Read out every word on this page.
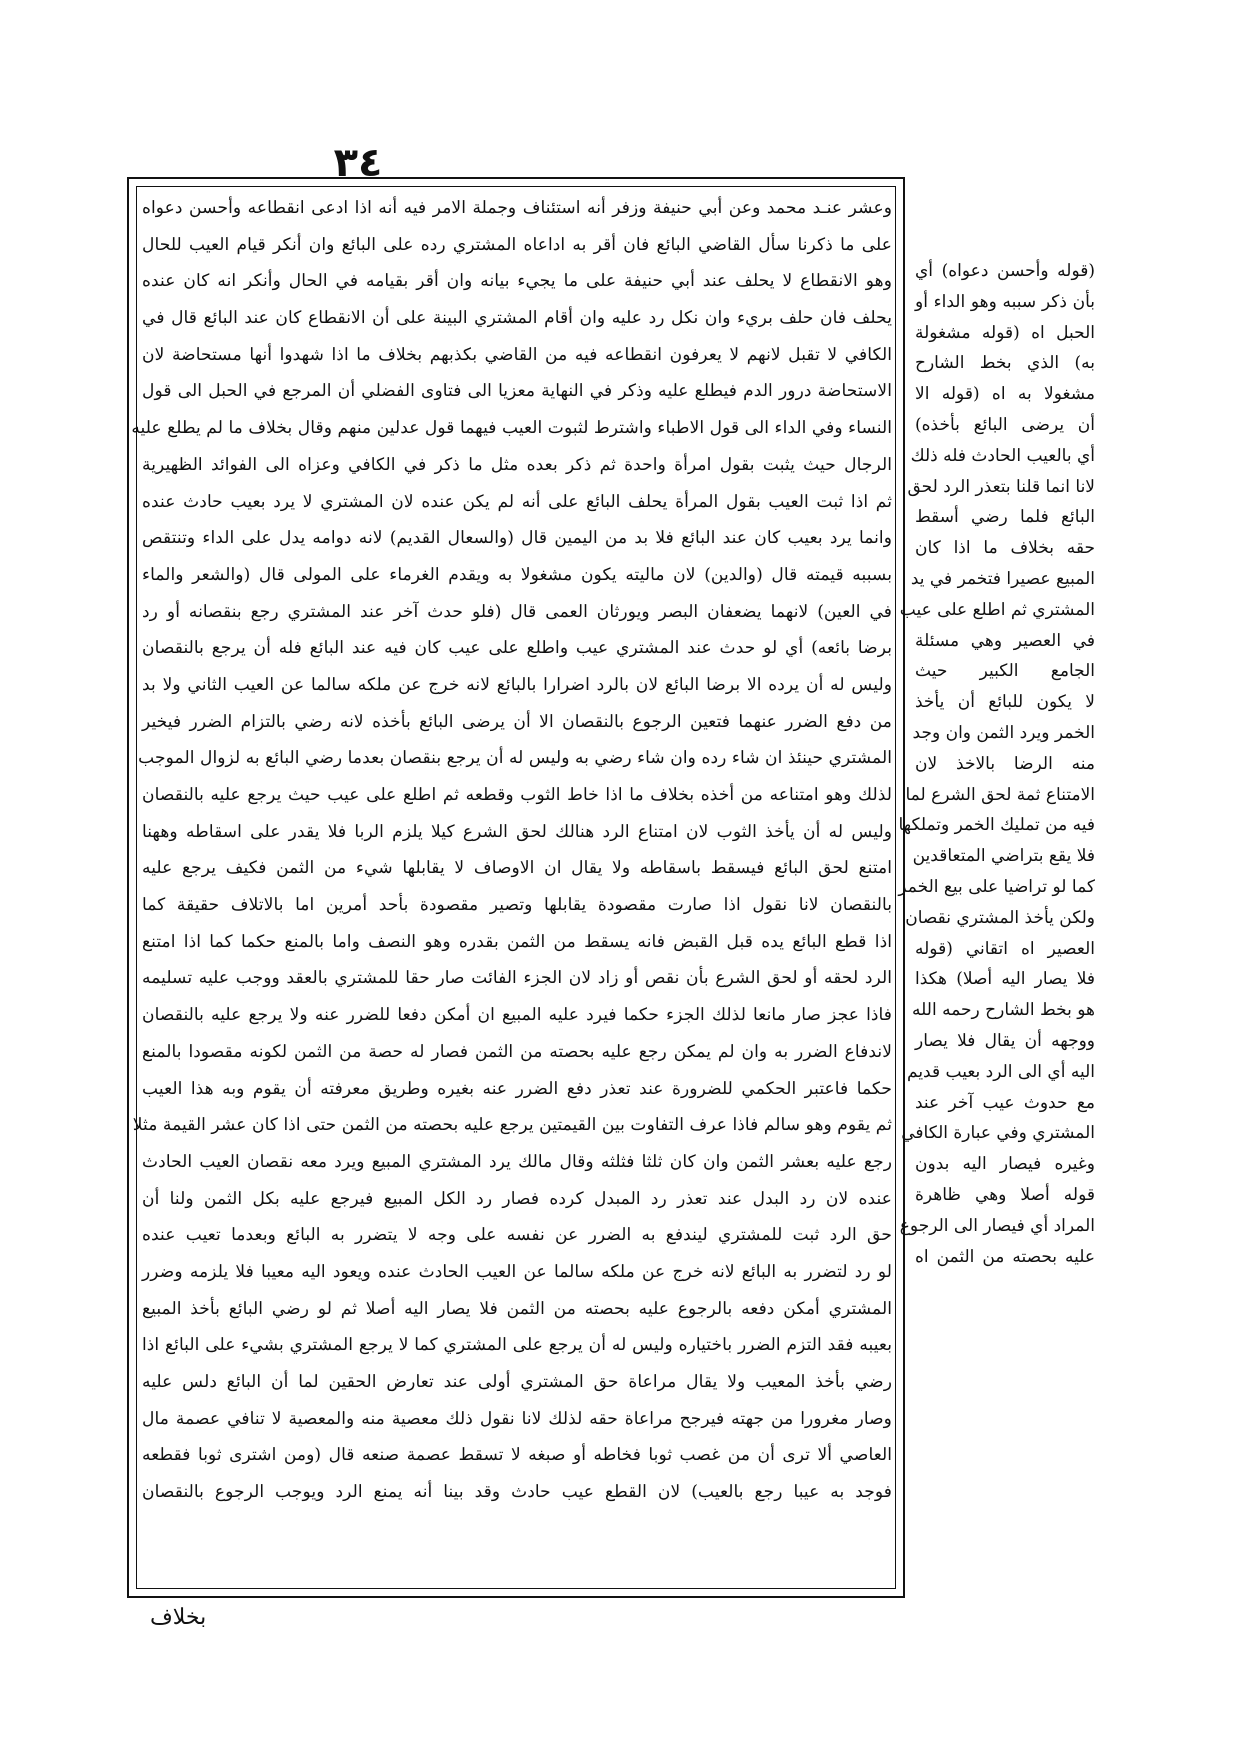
٣٤
وعشر عنـد محمد وعن أبي حنيفة وزفر أنه استئناف وجملة الامر فيه أنه اذا ادعى انقطاعه وأحسن دعواه
على ما ذكرنا سأل القاضي البائع فان أقر به اداعاه المشتري رده على البائع وان أنكر قيام العيب للحال
وهو الانقطاع لا يحلف عند أبي حنيفة على ما يجيء بيانه وان أقر بقيامه في الحال وأنكر انه كان عنده
يحلف فان حلف بريء وان نكل رد عليه وان أقام المشتري البينة على أن الانقطاع كان عند البائع قال في
الكافي لا تقبل لانهم لا يعرفون انقطاعه فيه من القاضي بكذبهم بخلاف ما اذا شهدوا أنها مستحاضة لان
الاستحاضة درور الدم فيطلع عليه وذكر في النهاية معزيا الى فتاوى الفضلي أن المرجع في الحبل الى قول
النساء وفي الداء الى قول الاطباء واشترط لثبوت العيب فيهما قول عدلين منهم وقال بخلاف ما لم يطلع عليه
الرجال حيث يثبت بقول امرأة واحدة ثم ذكر بعده مثل ما ذكر في الكافي وعزاه الى الفوائد الظهيرية
ثم اذا ثبت العيب بقول المرأة يحلف البائع على أنه لم يكن عنده لان المشتري لا يرد بعيب حادث عنده
وانما يرد بعيب كان عند البائع فلا بد من اليمين قال (والسعال القديم) لانه دوامه يدل على الداء وتنتقص
بسببه قيمته قال (والدين) لان ماليته يكون مشغولا به ويقدم الغرماء على المولى قال (والشعر والماء
في العين) لانهما يضعفان البصر ويورثان العمى قال (فلو حدث آخر عند المشتري رجع بنقصانه أو رد
برضا بائعه) أي لو حدث عند المشتري عيب واطلع على عيب كان فيه عند البائع فله أن يرجع بالنقصان
وليس له أن يرده الا برضا البائع لان بالرد اضرارا بالبائع لانه خرج عن ملكه سالما عن العيب الثاني ولا بد
من دفع الضرر عنهما فتعين الرجوع بالنقصان الا أن يرضى البائع بأخذه لانه رضي بالتزام الضرر فيخير
المشتري حينئذ ان شاء رده وان شاء رضي به وليس له أن يرجع بنقصان بعدما رضي البائع به لزوال الموجب
لذلك وهو امتناعه من أخذه بخلاف ما اذا خاط الثوب وقطعه ثم اطلع على عيب حيث يرجع عليه بالنقصان
وليس له أن يأخذ الثوب لان امتناع الرد هنالك لحق الشرع كيلا يلزم الربا فلا يقدر على اسقاطه وههنا
امتنع لحق البائع فيسقط باسقاطه ولا يقال ان الاوصاف لا يقابلها شيء من الثمن فكيف يرجع عليه
بالنقصان لانا نقول اذا صارت مقصودة يقابلها وتصير مقصودة بأحد أمرين اما بالاتلاف حقيقة كما
اذا قطع البائع يده قبل القبض فانه يسقط من الثمن بقدره وهو النصف واما بالمنع حكما كما اذا امتنع
الرد لحقه أو لحق الشرع بأن نقص أو زاد لان الجزء الفائت صار حقا للمشتري بالعقد ووجب عليه تسليمه
فاذا عجز صار مانعا لذلك الجزء حكما فيرد عليه المبيع ان أمكن دفعا للضرر عنه ولا يرجع عليه بالنقصان
لاندفاع الضرر به وان لم يمكن رجع عليه بحصته من الثمن فصار له حصة من الثمن لكونه مقصودا بالمنع
حكما فاعتبر الحكمي للضرورة عند تعذر دفع الضرر عنه بغيره وطريق معرفته أن يقوم وبه هذا العيب
ثم يقوم وهو سالم فاذا عرف التفاوت بين القيمتين يرجع عليه بحصته من الثمن حتى اذا كان عشر القيمة مثلا
رجع عليه بعشر الثمن وان كان ثلثا فثلثه وقال مالك يرد المشتري المبيع ويرد معه نقصان العيب الحادث
عنده لان رد البدل عند تعذر رد المبدل كرده فصار رد الكل المبيع فيرجع عليه بكل الثمن ولنا أن
حق الرد ثبت للمشتري ليندفع به الضرر عن نفسه على وجه لا يتضرر به البائع وبعدما تعيب عنده
لو رد لتضرر به البائع لانه خرج عن ملكه سالما عن العيب الحادث عنده ويعود اليه معيبا فلا يلزمه وضرر
المشتري أمكن دفعه بالرجوع عليه بحصته من الثمن فلا يصار اليه أصلا ثم لو رضي البائع بأخذ المبيع
بعيبه فقد التزم الضرر باختياره وليس له أن يرجع على المشتري كما لا يرجع المشتري بشيء على البائع اذا
رضي بأخذ المعيب ولا يقال مراعاة حق المشتري أولى عند تعارض الحقين لما أن البائع دلس عليه
وصار مغرورا من جهته فيرجح مراعاة حقه لذلك لانا نقول ذلك معصية منه والمعصية لا تنافي عصمة مال
العاصي ألا ترى أن من غصب ثوبا فخاطه أو صبغه لا تسقط عصمة صنعه قال (ومن اشترى ثوبا فقطعه
فوجد به عيبا رجع بالعيب) لان القطع عيب حادث وقد بينا أنه يمنع الرد ويوجب الرجوع بالنقصان
(قوله وأحسن دعواه) أي
بأن ذكر سببه وهو الداء أو
الحبل اه (قوله مشغولة
به) الذي بخط الشارح
مشغولا به اه (قوله الا
أن يرضى البائع بأخذه)
أي بالعيب الحادث فله ذلك
لانا انما قلنا بتعذر الرد لحق
البائع فلما رضي أسقط
حقه بخلاف ما اذا كان
المبيع عصيرا فتخمر في يد
المشتري ثم اطلع على عيب
في العصير وهي مسئلة
الجامع الكبير حيث
لا يكون للبائع أن يأخذ
الخمر ويرد الثمن وان وجد
منه الرضا بالاخذ لان
الامتناع ثمة لحق الشرع لما
فيه من تمليك الخمر وتملكها
فلا يقع بتراضي المتعاقدين
كما لو تراضيا على بيع الخمر
ولكن يأخذ المشتري نقصان
العصير اه اتقاني (قوله
فلا يصار اليه أصلا) هكذا
هو بخط الشارح رحمه الله
ووجهه أن يقال فلا يصار
اليه أي الى الرد بعيب قديم
مع حدوث عيب آخر عند
المشتري وفي عبارة الكافي
وغيره فيصار اليه بدون
قوله أصلا وهي ظاهرة
المراد أي فيصار الى الرجوع
عليه بحصته من الثمن اه
بخلاف
